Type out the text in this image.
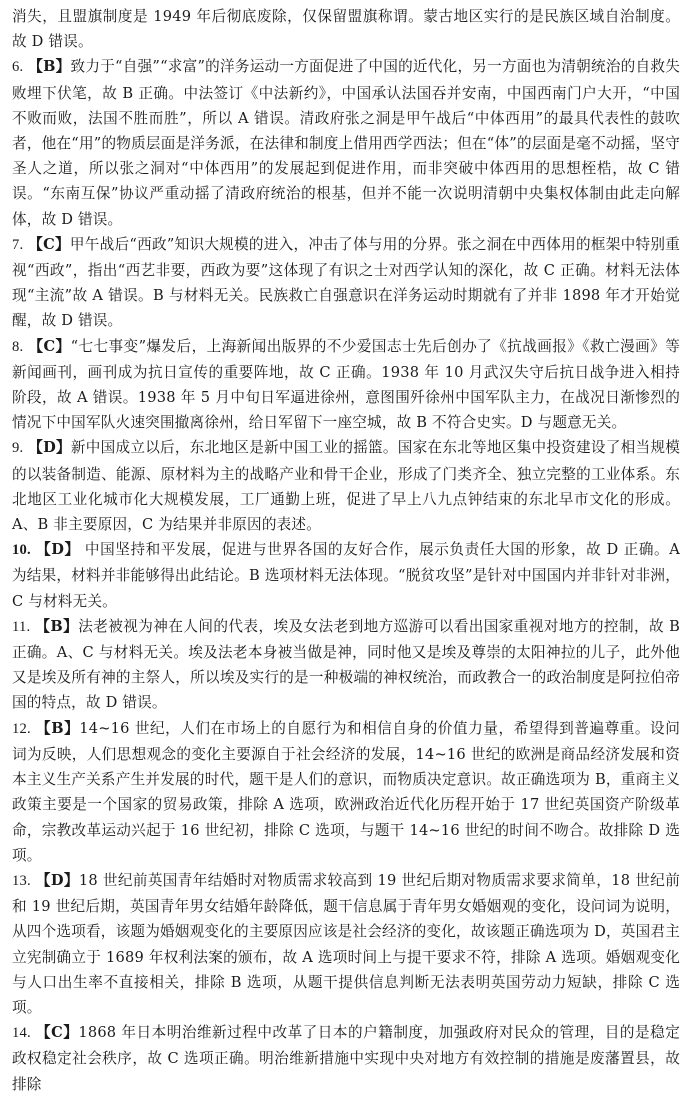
消失，且盟旗制度是 1949 年后彻底废除，仅保留盟旗称谓。蒙古地区实行的是民族区域自治制度。故 D 错误。

6. 【B】致力于“自强”“求富”的洋务运动一方面促进了中国的近代化，另一方面也为清朝统治的自救失败埋下伏笔，故 B 正确。中法签订《中法新约》，中国承认法国吞并安南，中国西南门户大开，“中国不败而败，法国不胜而胜”，所以 A 错误。清政府张之洞是甲午战后“中体西用”的最具代表性的鼓吹者，他在“用”的物质层面是洋务派，在法律和制度上借用西学西法；但在“体”的层面是毫不动摇，坚守圣人之道，所以张之洞对“中体西用”的发展起到促进作用，而非突破中体西用的思想桎梏，故 C 错误。“东南互保”协议严重动摇了清政府统治的根基，但并不能一次说明清朝中央集权体制由此走向解体，故 D 错误。

7. 【C】甲午战后“西政”知识大规模的进入，冲击了体与用的分界。张之洞在中西体用的框架中特别重视“西政”，指出“西艺非要，西政为要”这体现了有识之士对西学认知的深化，故 C 正确。材料无法体现“主流”故 A 错误。B 与材料无关。民族救亡自强意识在洋务运动时期就有了并非 1898 年才开始觉醒，故 D 错误。

8. 【C】“七七事变”爆发后，上海新闻出版界的不少爱国志士先后创办了《抗战画报》《救亡漫画》等新闻画刊，画刊成为抗日宣传的重要阵地，故 C 正确。1938 年 10 月武汉失守后抗日战争进入相持阶段，故 A 错误。1938 年 5 月中旬日军逼进徐州，意图围歼徐州中国军队主力，在战况日渐惨烈的情况下中国军队火速突围撤离徐州，给日军留下一座空城，故 B 不符合史实。D 与题意无关。

9. 【D】新中国成立以后，东北地区是新中国工业的摇篮。国家在东北等地区集中投资建设了相当规模的以装备制造、能源、原材料为主的战略产业和骨干企业，形成了门类齐全、独立完整的工业体系。东北地区工业化城市化大规模发展，工厂通勤上班，促进了早上八九点钟结束的东北早市文化的形成。A、B 非主要原因，C 为结果并非原因的表述。

10. 【D】 中国坚持和平发展，促进与世界各国的友好合作，展示负责任大国的形象，故 D 正确。A 为结果，材料并非能够得出此结论。B 选项材料无法体现。“脱贫攻坚”是针对中国国内并非针对非洲，C 与材料无关。

11. 【B】法老被视为神在人间的代表，埃及女法老到地方巡游可以看出国家重视对地方的控制，故 B 正确。A、C 与材料无关。埃及法老本身被当做是神，同时他又是埃及尊崇的太阳神拉的儿子，此外他又是埃及所有神的主祭人，所以埃及实行的是一种极端的神权统治，而政教合一的政治制度是阿拉伯帝国的特点，故 D 错误。

12. 【B】14~16 世纪，人们在市场上的自愿行为和相信自身的价值力量，希望得到普遍尊重。设问词为反映，人们思想观念的变化主要源自于社会经济的发展，14~16 世纪的欧洲是商品经济发展和资本主义生产关系产生并发展的时代，题干是人们的意识，而物质决定意识。故正确选项为 B，重商主义政策主要是一个国家的贸易政策，排除 A 选项，欧洲政治近代化历程开始于 17 世纪英国资产阶级革命，宗教改革运动兴起于 16 世纪初，排除 C 选项，与题干 14~16 世纪的时间不吻合。故排除 D 选项。

13. 【D】18 世纪前英国青年结婚时对物质需求较高到 19 世纪后期对物质需求要求简单，18 世纪前和 19 世纪后期，英国青年男女结婚年龄降低，题干信息属于青年男女婚姻观的变化，设问词为说明，从四个选项看，该题为婚姻观变化的主要原因应该是社会经济的变化，故该题正确选项为 D，英国君主立宪制确立于 1689 年权利法案的颁布，故 A 选项时间上与提干要求不符，排除 A 选项。婚姻观变化与人口出生率不直接相关，排除 B 选项，从题干提供信息判断无法表明英国劳动力短缺，排除 C 选项。

14. 【C】1868 年日本明治维新过程中改革了日本的户籍制度，加强政府对民众的管理，目的是稳定政权稳定社会秩序，故 C 选项正确。明治维新措施中实现中央对地方有效控制的措施是废藩置县，故排除
